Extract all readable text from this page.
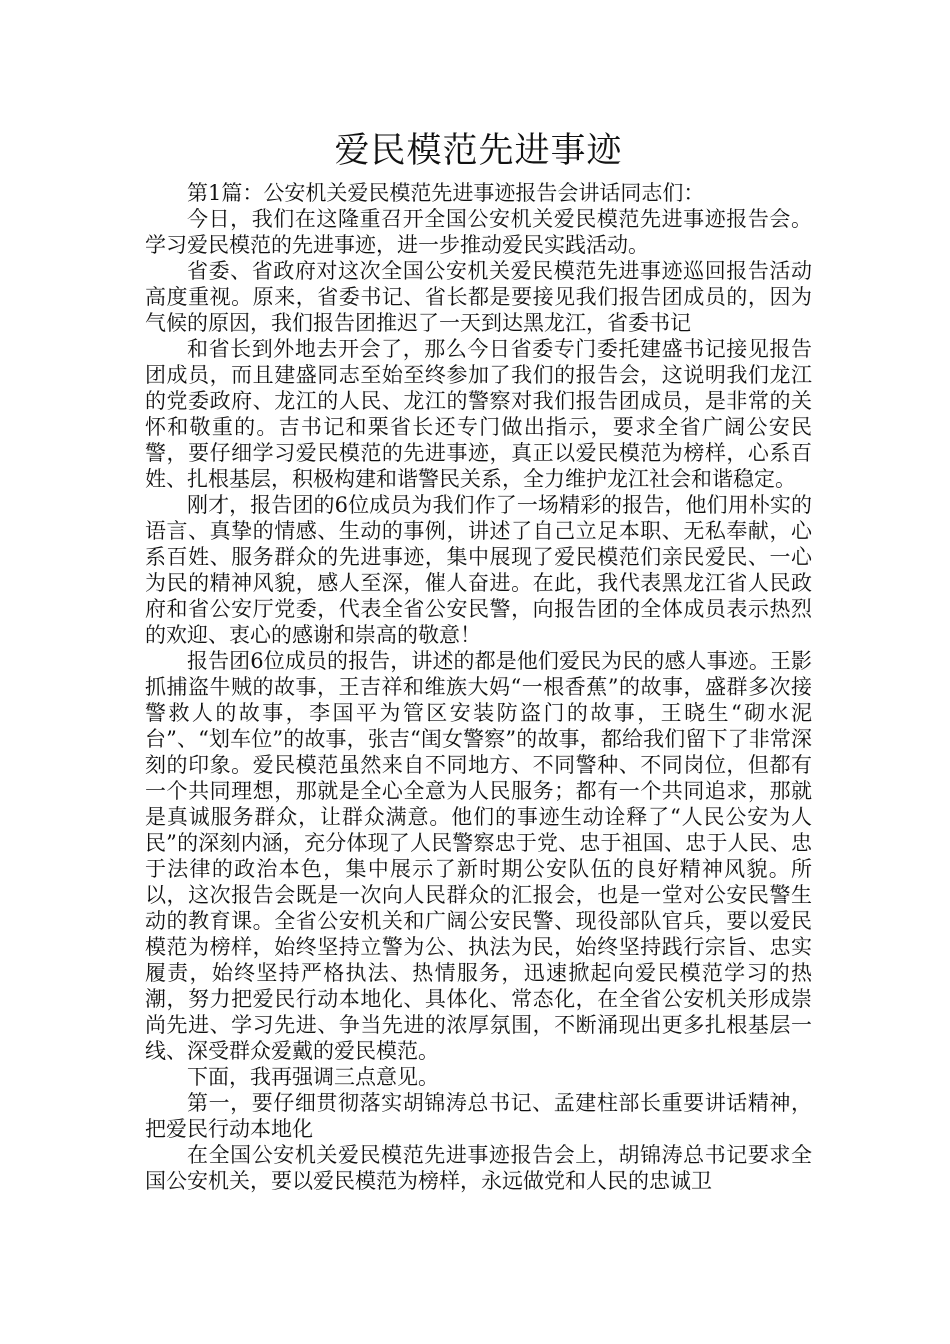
爱民模范先进事迹

第1篇：公安机关爱民模范先进事迹报告会讲话同志们：

今日，我们在这隆重召开全国公安机关爱民模范先进事迹报告会。学习爱民模范的先进事迹，进一步推动爱民实践活动。

省委、省政府对这次全国公安机关爱民模范先进事迹巡回报告活动高度重视。原来，省委书记、省长都是要接见我们报告团成员的，因为气候的原因，我们报告团推迟了一天到达黑龙江，省委书记

和省长到外地去开会了，那么今日省委专门委托建盛书记接见报告团成员，而且建盛同志至始至终参加了我们的报告会，这说明我们龙江的党委政府、龙江的人民、龙江的警察对我们报告团成员，是非常的关怀和敬重的。吉书记和栗省长还专门做出指示，要求全省广阔公安民警，要仔细学习爱民模范的先进事迹，真正以爱民模范为榜样，心系百姓、扎根基层，积极构建和谐警民关系，全力维护龙江社会和谐稳定。

刚才，报告团的6位成员为我们作了一场精彩的报告，他们用朴实的语言、真挚的情感、生动的事例，讲述了自己立足本职、无私奉献，心系百姓、服务群众的先进事迹，集中展现了爱民模范们亲民爱民、一心为民的精神风貌，感人至深，催人奋进。在此，我代表黑龙江省人民政府和省公安厅党委，代表全省公安民警，向报告团的全体成员表示热烈的欢迎、衷心的感谢和崇高的敬意！

报告团6位成员的报告，讲述的都是他们爱民为民的感人事迹。王影抓捕盗牛贼的故事，王吉祥和维族大妈“一根香蕉”的故事，盛群多次接警救人的故事，李国平为管区安装防盗门的故事，王晓生“砌水泥台”、“划车位”的故事，张吉“闺女警察”的故事，都给我们留下了非常深刻的印象。爱民模范虽然来自不同地方、不同警种、不同岗位，但都有一个共同理想，那就是全心全意为人民服务；都有一个共同追求，那就是真诚服务群众，让群众满意。他们的事迹生动诠释了“人民公安为人民”的深刻内涵，充分体现了人民警察忠于党、忠于祖国、忠于人民、忠于法律的政治本色，集中展示了新时期公安队伍的良好精神风貌。所以，这次报告会既是一次向人民群众的汇报会，也是一堂对公安民警生动的教育课。全省公安机关和广阔公安民警、现役部队官兵，要以爱民模范为榜样，始终坚持立警为公、执法为民，始终坚持践行宗旨、忠实履责，始终坚持严格执法、热情服务，迅速掀起向爱民模范学习的热潮，努力把爱民行动本地化、具体化、常态化，在全省公安机关形成崇尚先进、学习先进、争当先进的浓厚氛围，不断涌现出更多扎根基层一线、深受群众爱戴的爱民模范。

下面，我再强调三点意见。

第一，要仔细贯彻落实胡锦涛总书记、孟建柱部长重要讲话精神，把爱民行动本地化

在全国公安机关爱民模范先进事迹报告会上，胡锦涛总书记要求全国公安机关，要以爱民模范为榜样，永远做党和人民的忠诚卫
